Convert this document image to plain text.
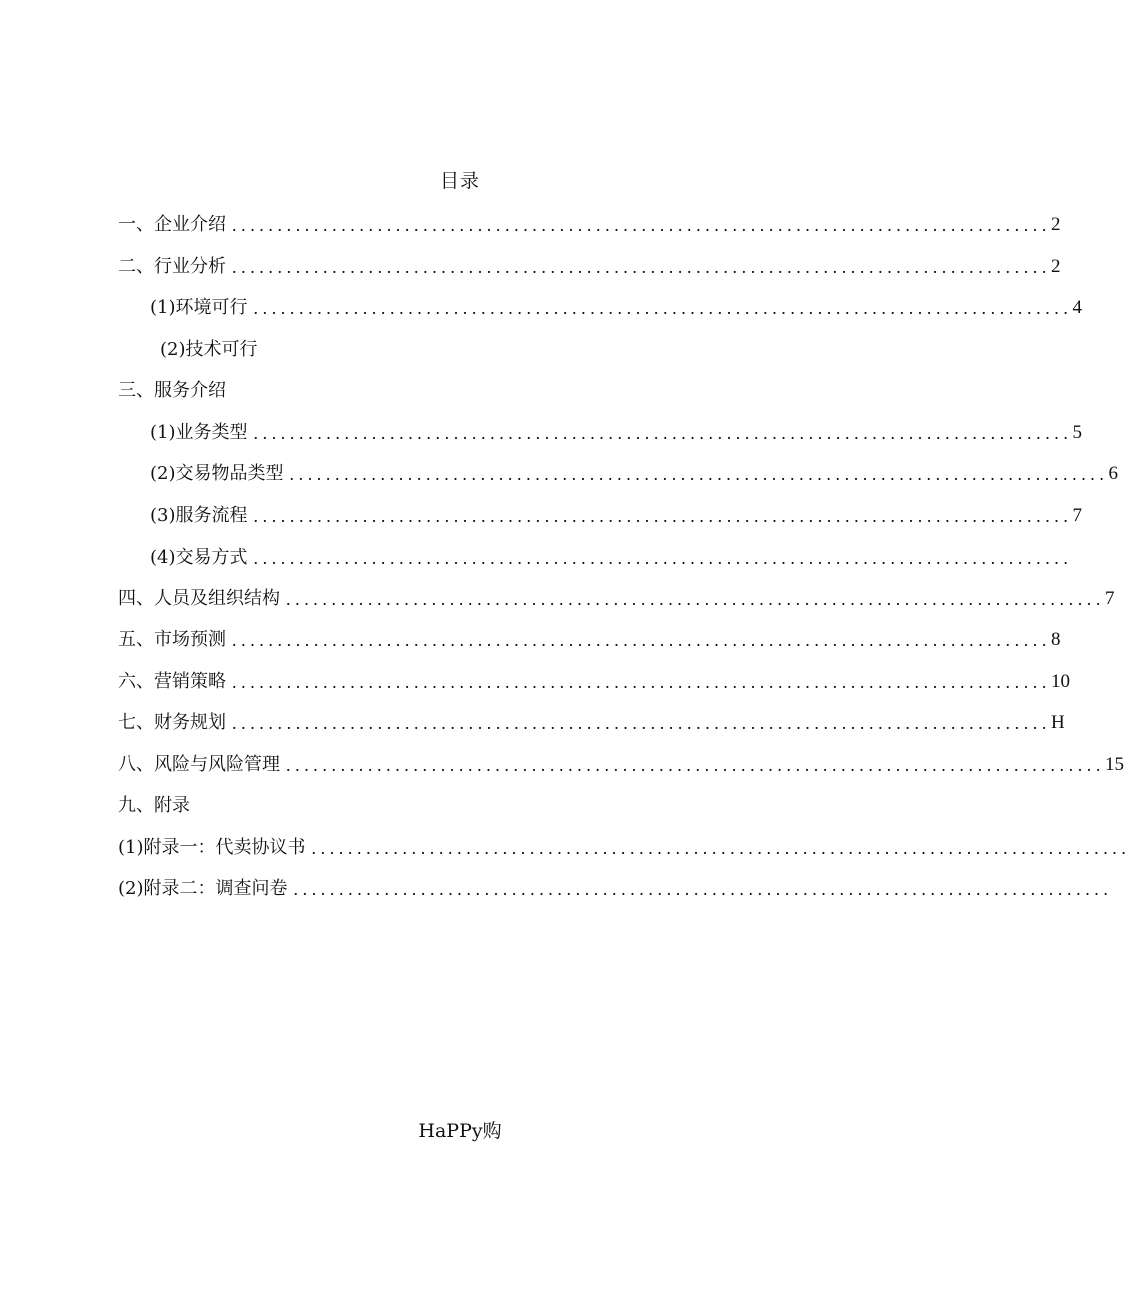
目录
一、企业介绍 .......................................................................................... 2
二、行业分析 .......................................................................................... 2
(1)环境可行 .......................................................................................... 4
(2)技术可行
三、服务介绍
(1)业务类型 .......................................................................................... 5
(2)交易物品类型 .......................................................................................... 6
(3)服务流程 .......................................................................................... 7
(4)交易方式 ..........................................................................................
四、人员及组织结构 .......................................................................................... 7
五、市场预测 .......................................................................................... 8
六、营销策略 .......................................................................................... 10
七、财务规划 .......................................................................................... H
八、风险与风险管理 .......................................................................................... 15
九、附录
(1)附录一：代卖协议书 ..........................................................................................
(2)附录二：调查问卷 ..........................................................................................
HaPPy购
